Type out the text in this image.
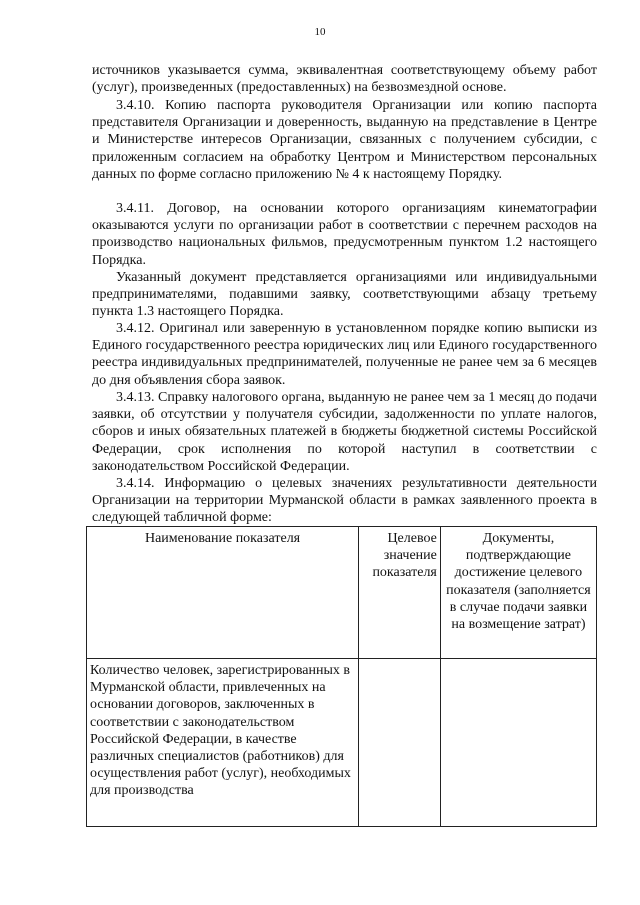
10

источников указывается сумма, эквивалентная соответствующему объему работ (услуг), произведенных (предоставленных) на безвозмездной основе.

3.4.10. Копию паспорта руководителя Организации или копию паспорта представителя Организации и доверенность, выданную на представление в Центре и Министерстве интересов Организации, связанных с получением субсидии, с приложенным согласием на обработку Центром и Министерством персональных данных по форме согласно приложению № 4 к настоящему Порядку.

3.4.11. Договор, на основании которого организациям кинематографии оказываются услуги по организации работ в соответствии с перечнем расходов на производство национальных фильмов, предусмотренным пунктом 1.2 настоящего Порядка.

Указанный документ представляется организациями или индивидуальными предпринимателями, подавшими заявку, соответствующими абзацу третьему пункта 1.3 настоящего Порядка.

3.4.12. Оригинал или заверенную в установленном порядке копию выписки из Единого государственного реестра юридических лиц или Единого государственного реестра индивидуальных предпринимателей, полученные не ранее чем за 6 месяцев до дня объявления сбора заявок.

3.4.13. Справку налогового органа, выданную не ранее чем за 1 месяц до подачи заявки, об отсутствии у получателя субсидии, задолженности по уплате налогов, сборов и иных обязательных платежей в бюджеты бюджетной системы Российской Федерации, срок исполнения по которой наступил в соответствии с законодательством Российской Федерации.

3.4.14. Информацию о целевых значениях результативности деятельности Организации на территории Мурманской области в рамках заявленного проекта в следующей табличной форме:

Наименование показателя	Целевое значение показателя	Документы, подтверждающие достижение целевого показателя (заполняется в случае подачи заявки на возмещение затрат)
Количество человек, зарегистрированных в Мурманской области, привлеченных на основании договоров, заключенных в соответствии с законодательством Российской Федерации, в качестве различных специалистов (работников) для осуществления работ (услуг), необходимых для производства		
